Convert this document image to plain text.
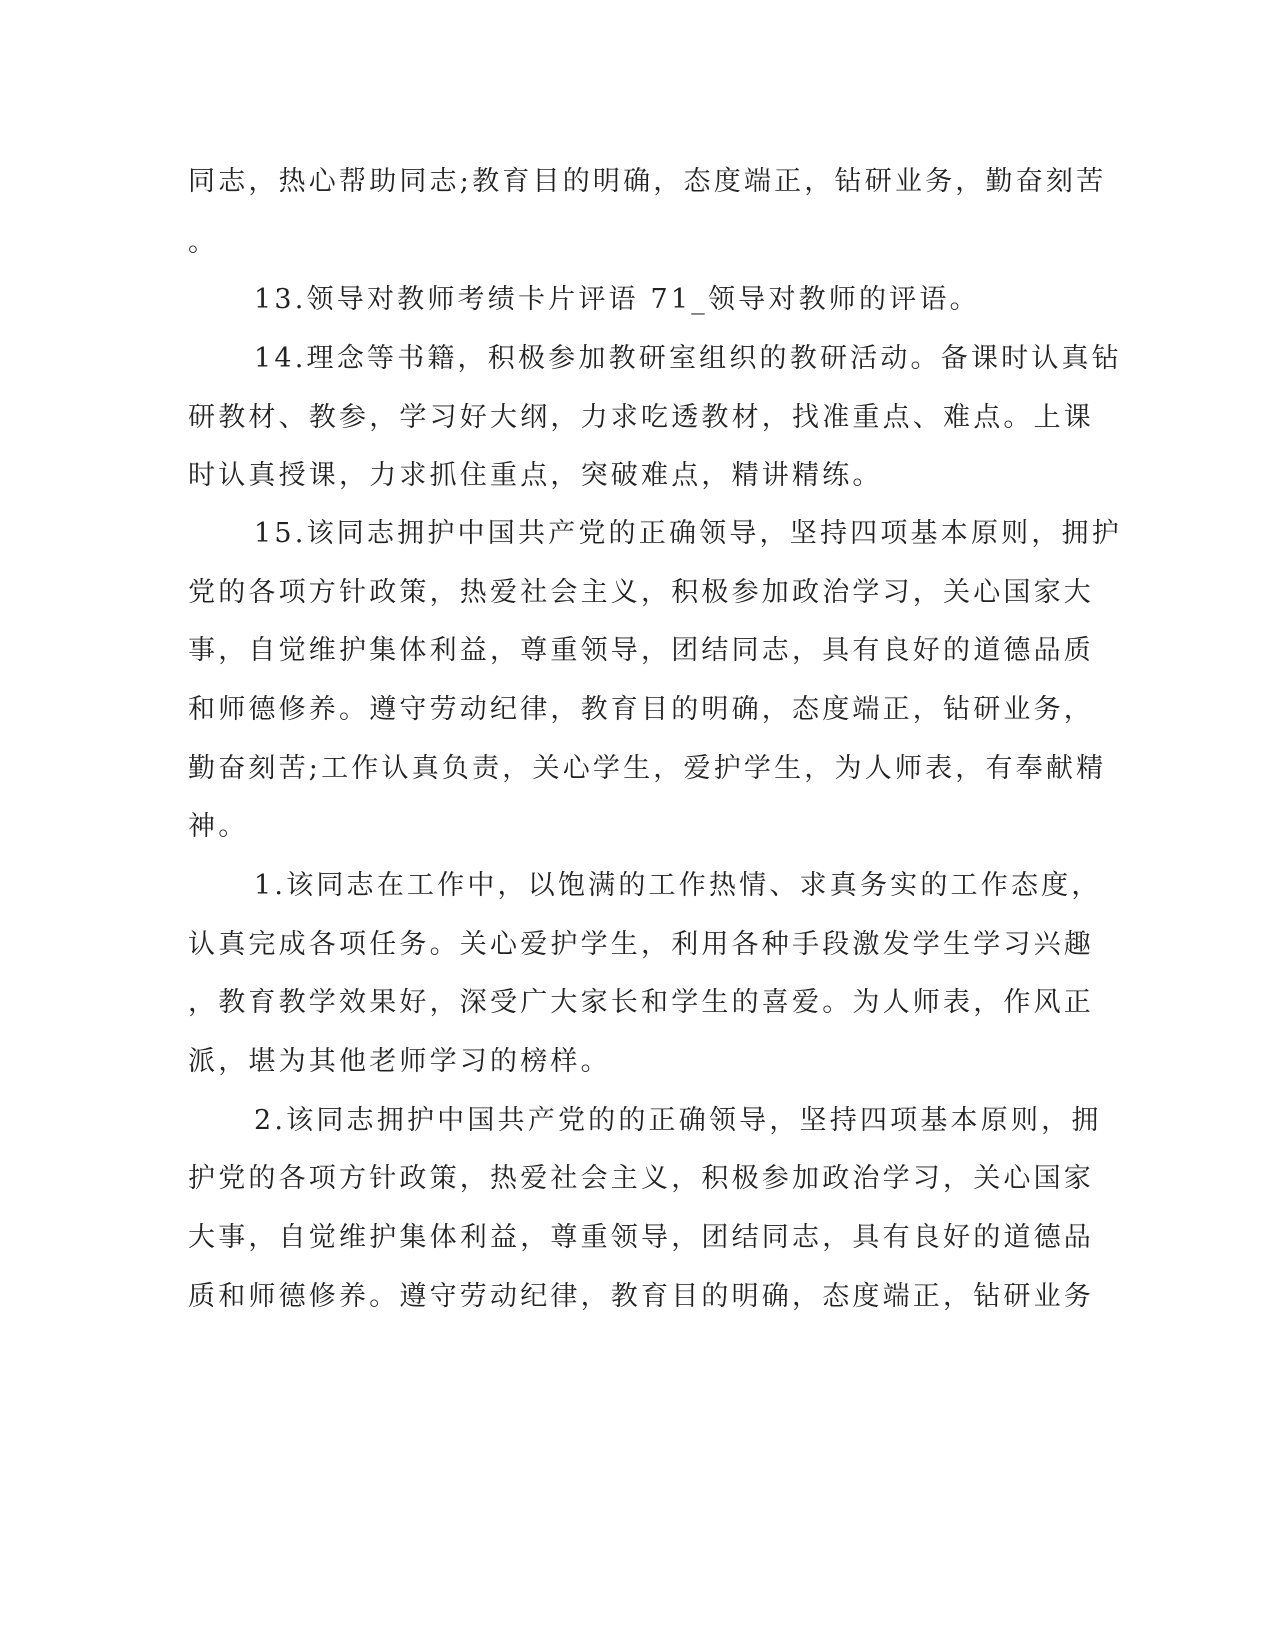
同志，热心帮助同志;教育目的明确，态度端正，钻研业务，勤奋刻苦
。
13.领导对教师考绩卡片评语 71_领导对教师的评语。
14.理念等书籍，积极参加教研室组织的教研活动。备课时认真钻
研教材、教参，学习好大纲，力求吃透教材，找准重点、难点。上课
时认真授课，力求抓住重点，突破难点，精讲精练。
15.该同志拥护中国共产党的正确领导，坚持四项基本原则，拥护
党的各项方针政策，热爱社会主义，积极参加政治学习，关心国家大
事，自觉维护集体利益，尊重领导，团结同志，具有良好的道德品质
和师德修养。遵守劳动纪律，教育目的明确，态度端正，钻研业务，
勤奋刻苦;工作认真负责，关心学生，爱护学生，为人师表，有奉献精
神。
1.该同志在工作中，以饱满的工作热情、求真务实的工作态度，
认真完成各项任务。关心爱护学生，利用各种手段激发学生学习兴趣
，教育教学效果好，深受广大家长和学生的喜爱。为人师表，作风正
派，堪为其他老师学习的榜样。
2.该同志拥护中国共产党的的正确领导，坚持四项基本原则，拥
护党的各项方针政策，热爱社会主义，积极参加政治学习，关心国家
大事，自觉维护集体利益，尊重领导，团结同志，具有良好的道德品
质和师德修养。遵守劳动纪律，教育目的明确，态度端正，钻研业务
